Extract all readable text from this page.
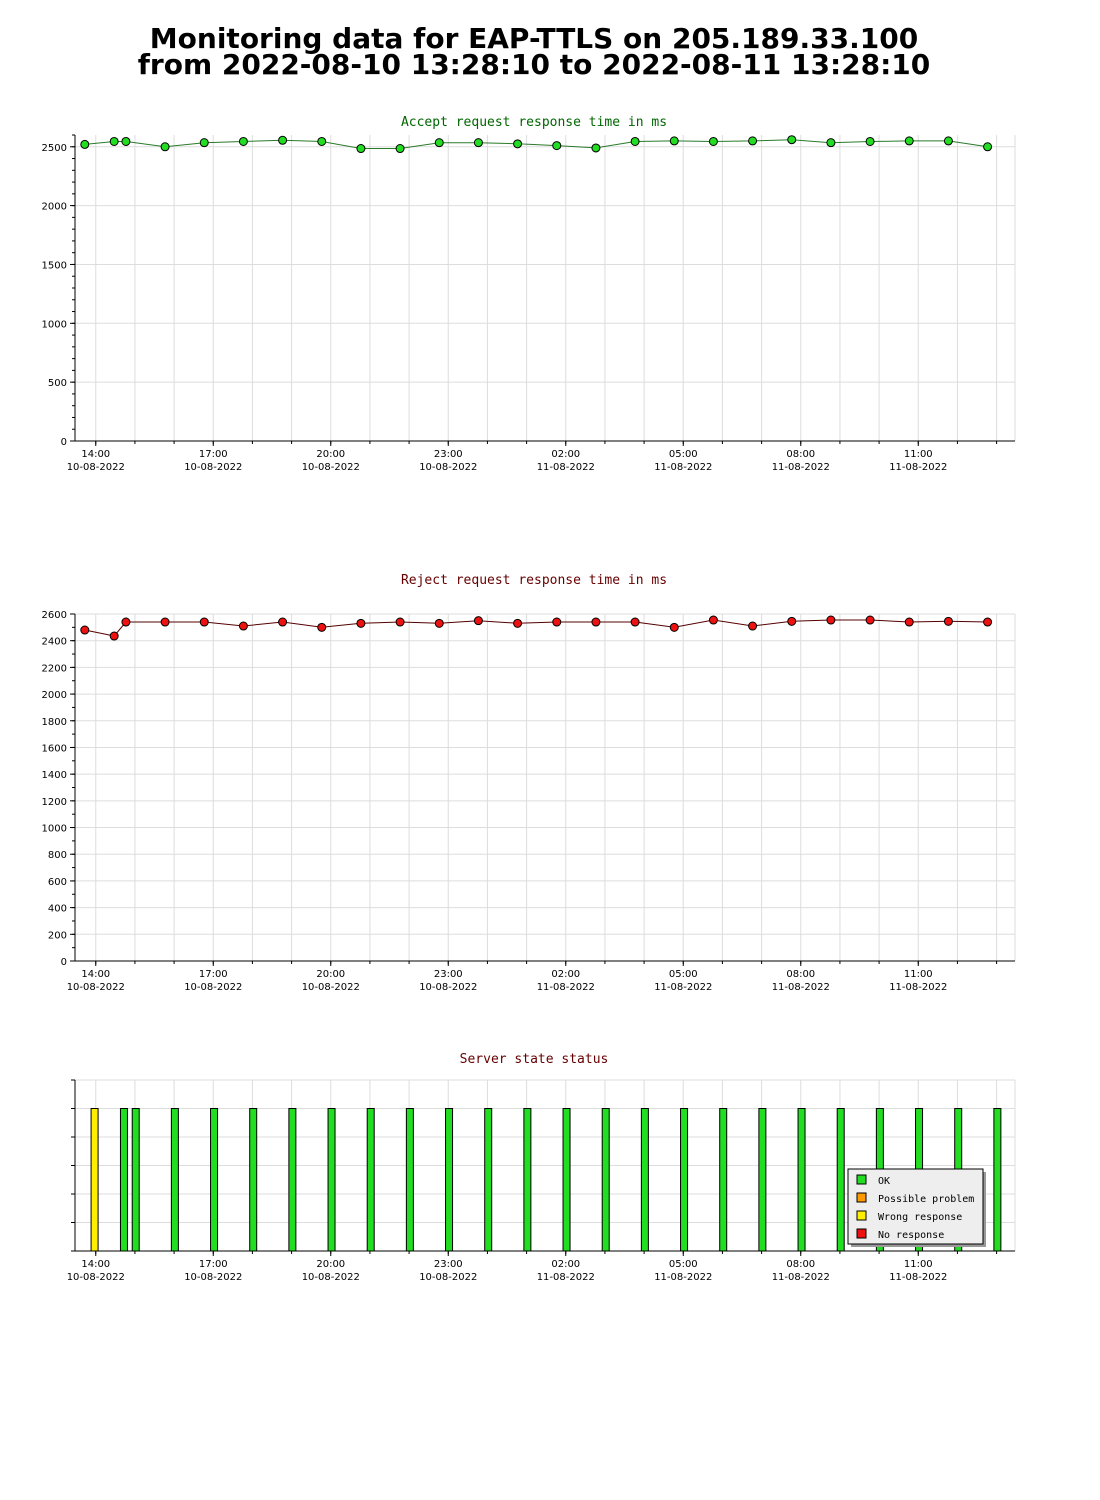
Monitoring data for EAP-TTLS on 205.189.33.100
from 2022-08-10 13:28:10 to 2022-08-11 13:28:10
0
500
1000
1500
2000
2500
14:00
10-08-2022
17:00
10-08-2022
20:00
10-08-2022
23:00
10-08-2022
02:00
11-08-2022
05:00
11-08-2022
08:00
11-08-2022
11:00
11-08-2022
Accept request response time in ms
0
200
400
600
800
1000
1200
1400
1600
1800
2000
2200
2400
2600
14:00
10-08-2022
17:00
10-08-2022
20:00
10-08-2022
23:00
10-08-2022
02:00
11-08-2022
05:00
11-08-2022
08:00
11-08-2022
11:00
11-08-2022
Reject request response time in ms
14:00
10-08-2022
17:00
10-08-2022
20:00
10-08-2022
23:00
10-08-2022
02:00
11-08-2022
05:00
11-08-2022
08:00
11-08-2022
11:00
11-08-2022
Server state status
OK
Possible problem
Wrong response
No response
